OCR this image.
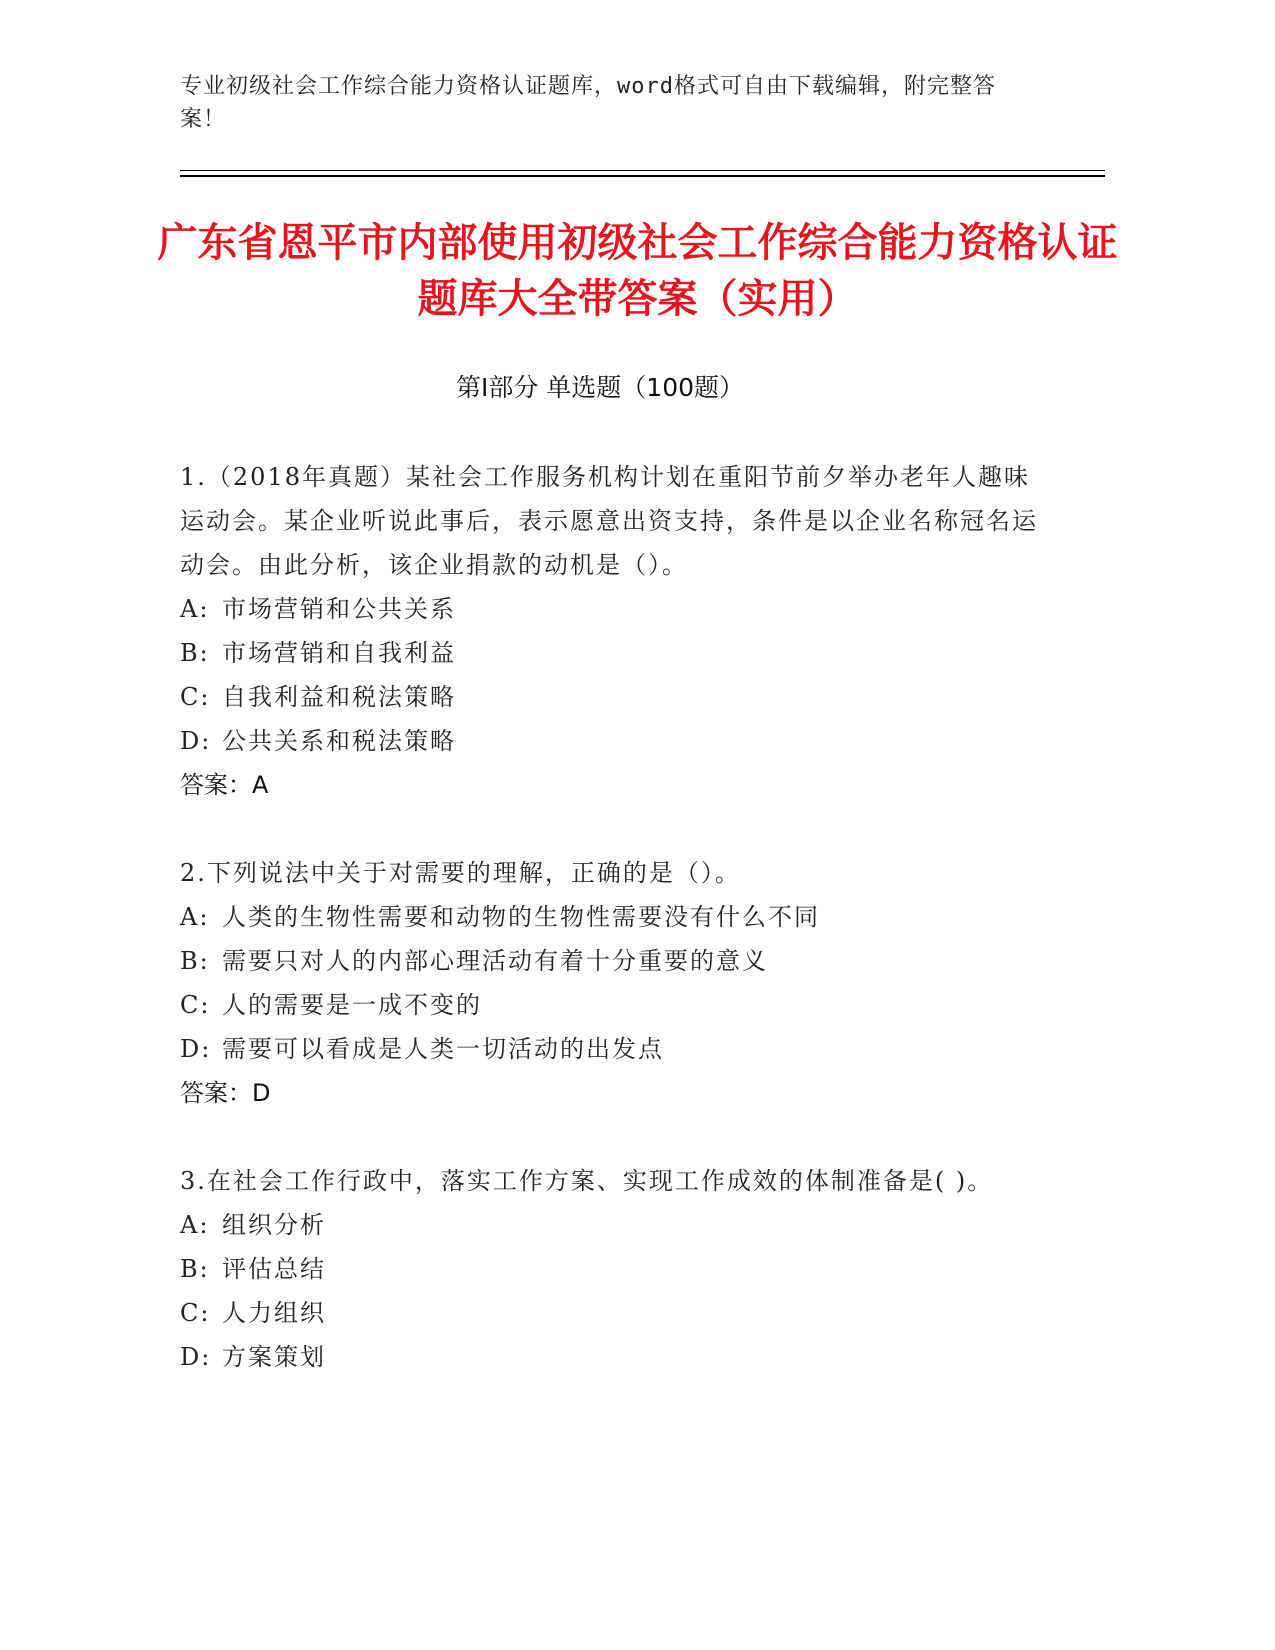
专业初级社会工作综合能力资格认证题库，word格式可自由下载编辑，附完整答案！
广东省恩平市内部使用初级社会工作综合能力资格认证题库大全带答案（实用）
第Ⅰ部分 单选题（100题）

1.（2018年真题）某社会工作服务机构计划在重阳节前夕举办老年人趣味运动会。某企业听说此事后，表示愿意出资支持，条件是以企业名称冠名运动会。由此分析，该企业捐款的动机是（）。

A: 市场营销和公共关系

B: 市场营销和自我利益

C: 自我利益和税法策略

D: 公共关系和税法策略

答案：A

2.下列说法中关于对需要的理解，正确的是（）。

A: 人类的生物性需要和动物的生物性需要没有什么不同

B: 需要只对人的内部心理活动有着十分重要的意义

C: 人的需要是一成不变的

D: 需要可以看成是人类一切活动的出发点

答案：D

3.在社会工作行政中，落实工作方案、实现工作成效的体制准备是( )。

A: 组织分析

B: 评估总结

C: 人力组织

D: 方案策划
